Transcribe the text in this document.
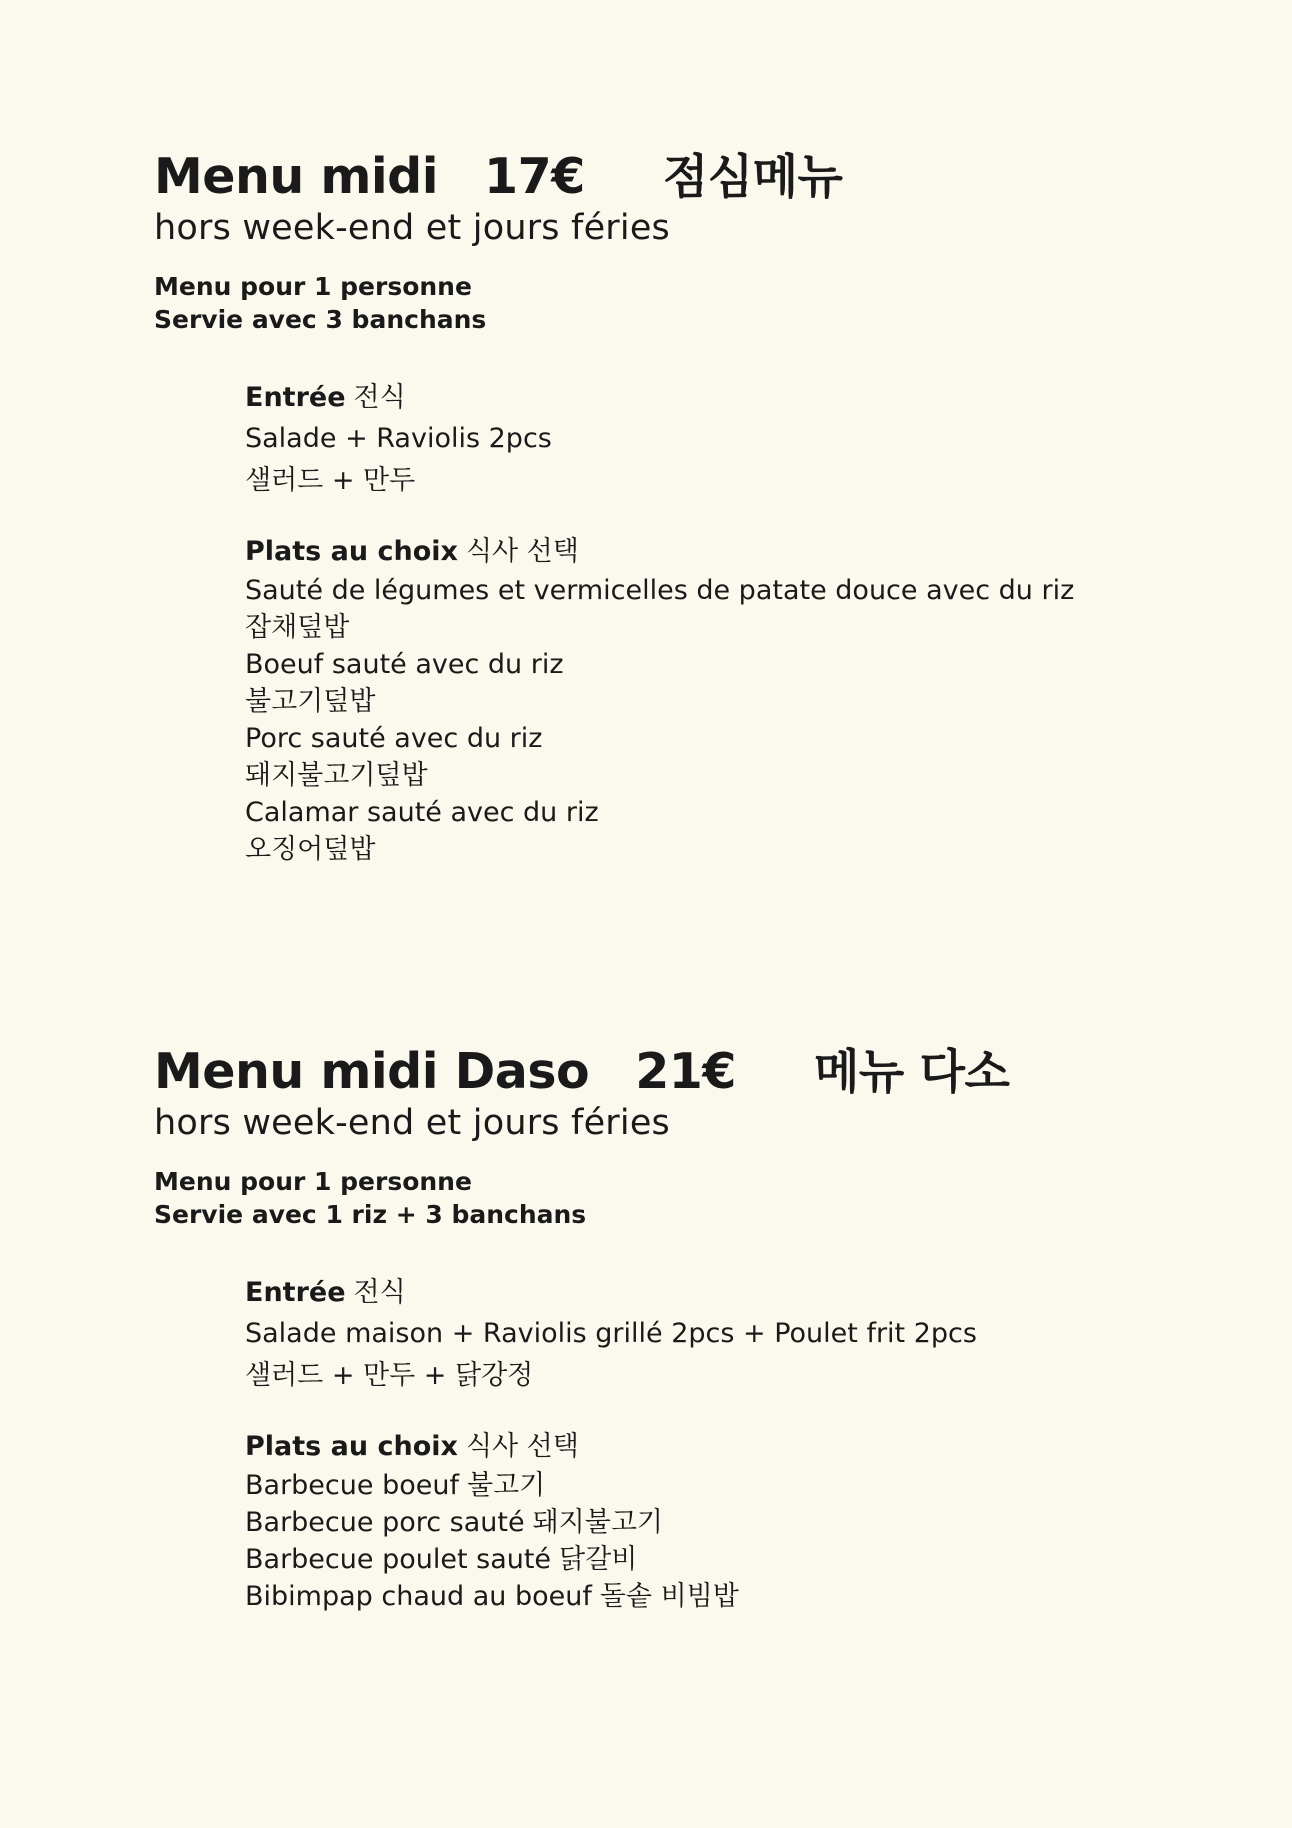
Menu midi 17€ 점심메뉴
hors week-end et jours féries
Menu pour 1 personne
Servie avec 3 banchans
Entrée 전식
Salade + Raviolis 2pcs
샐러드 + 만두
Plats au choix 식사 선택
Sauté de légumes et vermicelles de patate douce avec du riz
잡채덮밥
Boeuf sauté avec du riz
불고기덮밥
Porc sauté avec du riz
돼지불고기덮밥
Calamar sauté avec du riz
오징어덮밥
Menu midi Daso 21€ 메뉴 다소
hors week-end et jours féries
Menu pour 1 personne
Servie avec 1 riz + 3 banchans
Entrée 전식
Salade maison + Raviolis grillé 2pcs + Poulet frit 2pcs
샐러드 + 만두 + 닭강정
Plats au choix 식사 선택
Barbecue boeuf 불고기
Barbecue porc sauté 돼지불고기
Barbecue poulet sauté 닭갈비
Bibimpap chaud au boeuf 돌솥 비빔밥
